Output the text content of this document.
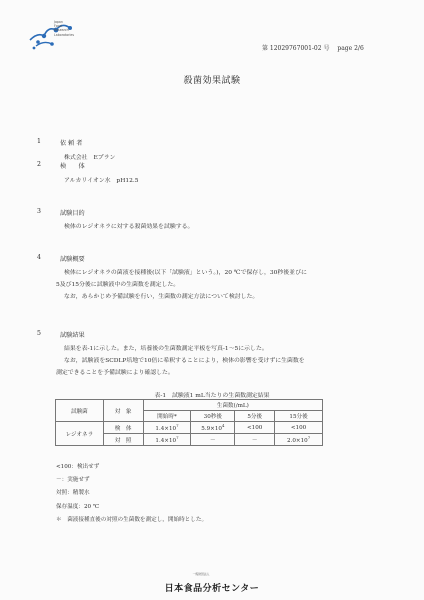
Japan
Food
Research
Laboratories
第 12029767001-02 号 page 2/6
殺菌効果試験
1	依 頼 者
株式会社　Eプラン
2	検　　体
アルカリイオン水　pH12.5
3	試験目的
検体のレジオネラに対する殺菌効果を試験する。
4	試験概要
検体にレジオネラの菌液を接種後(以下「試験液」という。)，20 ℃で保存し，30秒後並びに
5及び15分後に試験液中の生菌数を測定した。
なお，あらかじめ予備試験を行い，生菌数の測定方法について検討した。
5	試験結果
結果を表-1に示した。また，培養後の生菌数測定平板を写真-1～5に示した。
なお，試験液をSCDLP培地で10倍に希釈することにより，検体の影響を受けずに生菌数を
測定できることを予備試験により確認した。
表-1　試験液1 mL当たりの生菌数測定結果
試験菌	対　象	生菌数(/mL)			
		開始時*	30秒後	5分後	15分後
レジオネラ	検　体	$1.4\times 10^7$	$5.9\times 10^4$	<100	<100
	対　照	$1.4\times 10^7$	－	－	$2.0\times 10^7$
<100：検出せず
－：実施せず
対照：精製水
保存温度：20 ℃
＊　菌液接種直後の対照の生菌数を測定し，開始時とした。
一般財団法人
日本食品分析センター
